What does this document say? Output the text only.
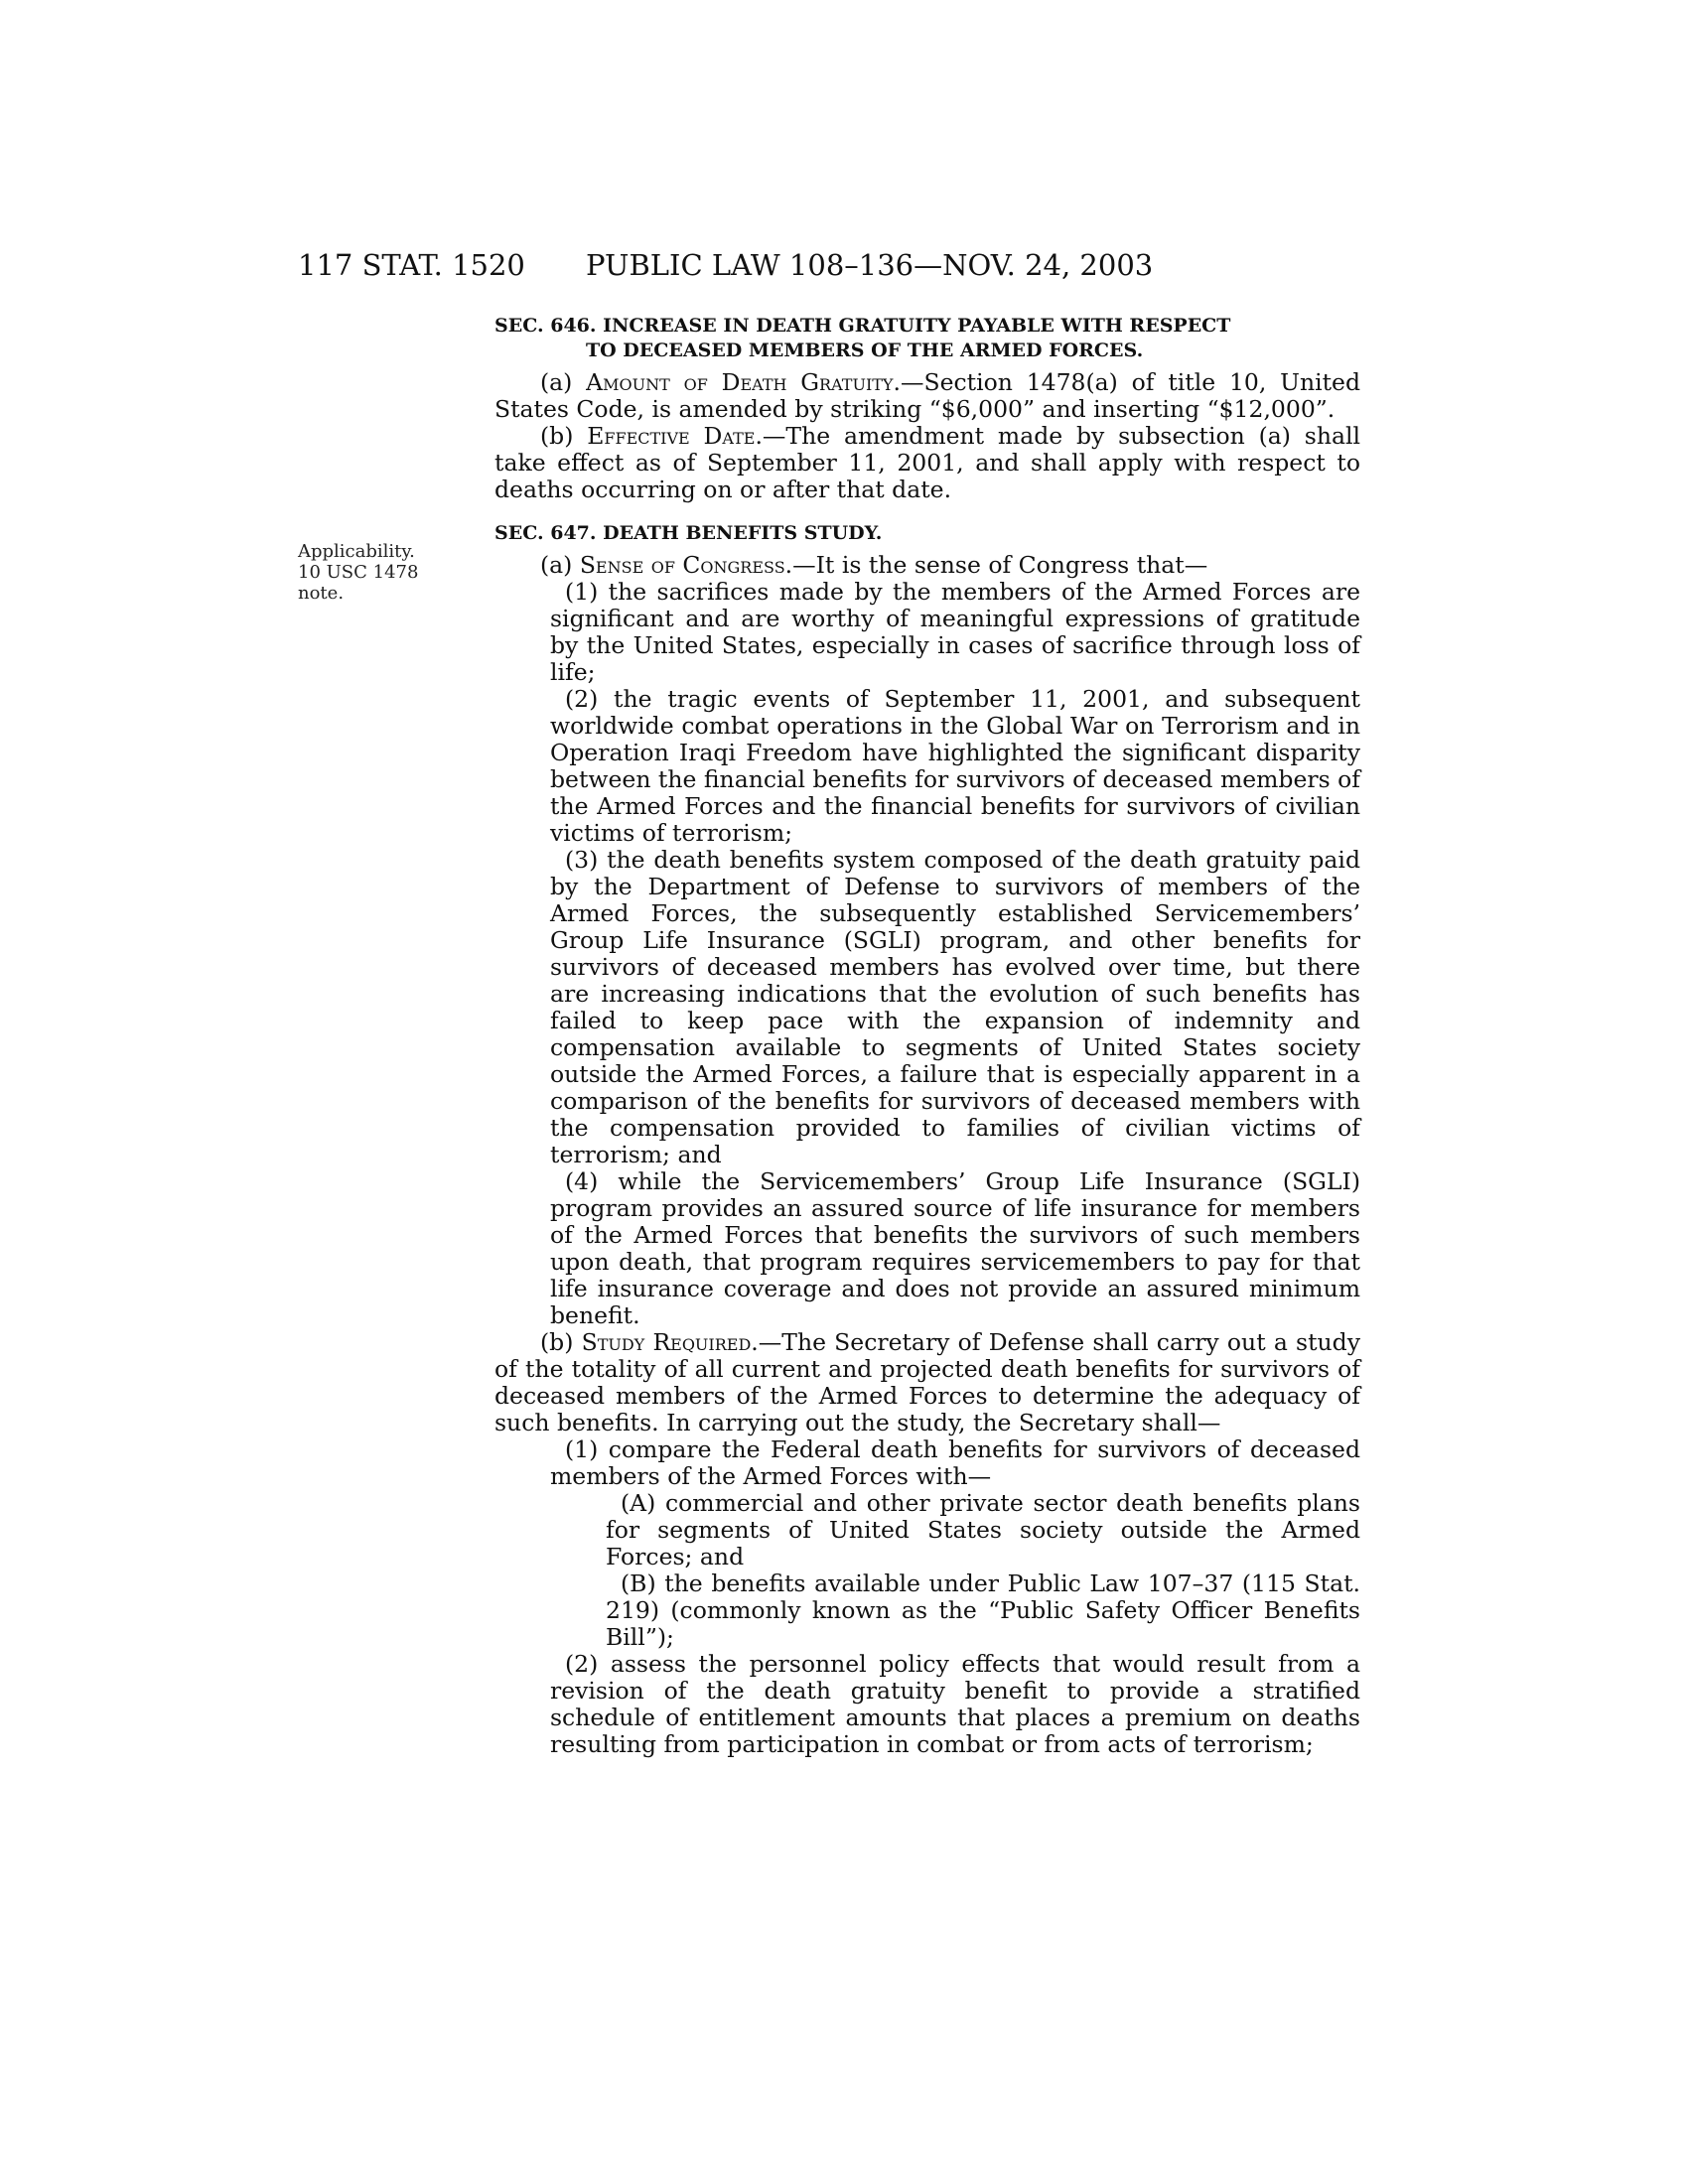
117 STAT. 1520 PUBLIC LAW 108–136—NOV. 24, 2003
Applicability.
10 USC 1478
note.
SEC. 646. INCREASE IN DEATH GRATUITY PAYABLE WITH RESPECT
TO DECEASED MEMBERS OF THE ARMED FORCES.

(a) Amount of Death Gratuity.—Section 1478(a) of title 10, United States Code, is amended by striking “$6,000” and inserting “$12,000”.

(b) Effective Date.—The amendment made by subsection (a) shall take effect as of September 11, 2001, and shall apply with respect to deaths occurring on or after that date.

SEC. 647. DEATH BENEFITS STUDY.

(a) Sense of Congress.—It is the sense of Congress that—

(1) the sacrifices made by the members of the Armed Forces are significant and are worthy of meaningful expressions of gratitude by the United States, especially in cases of sacrifice through loss of life;

(2) the tragic events of September 11, 2001, and subsequent worldwide combat operations in the Global War on Terrorism and in Operation Iraqi Freedom have highlighted the significant disparity between the financial benefits for survivors of deceased members of the Armed Forces and the financial benefits for survivors of civilian victims of terrorism;

(3) the death benefits system composed of the death gratuity paid by the Department of Defense to survivors of members of the Armed Forces, the subsequently established Servicemembers’ Group Life Insurance (SGLI) program, and other benefits for survivors of deceased members has evolved over time, but there are increasing indications that the evolution of such benefits has failed to keep pace with the expansion of indemnity and compensation available to segments of United States society outside the Armed Forces, a failure that is especially apparent in a comparison of the benefits for survivors of deceased members with the compensation provided to families of civilian victims of terrorism; and

(4) while the Servicemembers’ Group Life Insurance (SGLI) program provides an assured source of life insurance for members of the Armed Forces that benefits the survivors of such members upon death, that program requires servicemembers to pay for that life insurance coverage and does not provide an assured minimum benefit.

(b) Study Required.—The Secretary of Defense shall carry out a study of the totality of all current and projected death benefits for survivors of deceased members of the Armed Forces to determine the adequacy of such benefits. In carrying out the study, the Secretary shall—

(1) compare the Federal death benefits for survivors of deceased members of the Armed Forces with—

(A) commercial and other private sector death benefits plans for segments of United States society outside the Armed Forces; and

(B) the benefits available under Public Law 107–37 (115 Stat. 219) (commonly known as the “Public Safety Officer Benefits Bill”);

(2) assess the personnel policy effects that would result from a revision of the death gratuity benefit to provide a stratified schedule of entitlement amounts that places a premium on deaths resulting from participation in combat or from acts of terrorism;
